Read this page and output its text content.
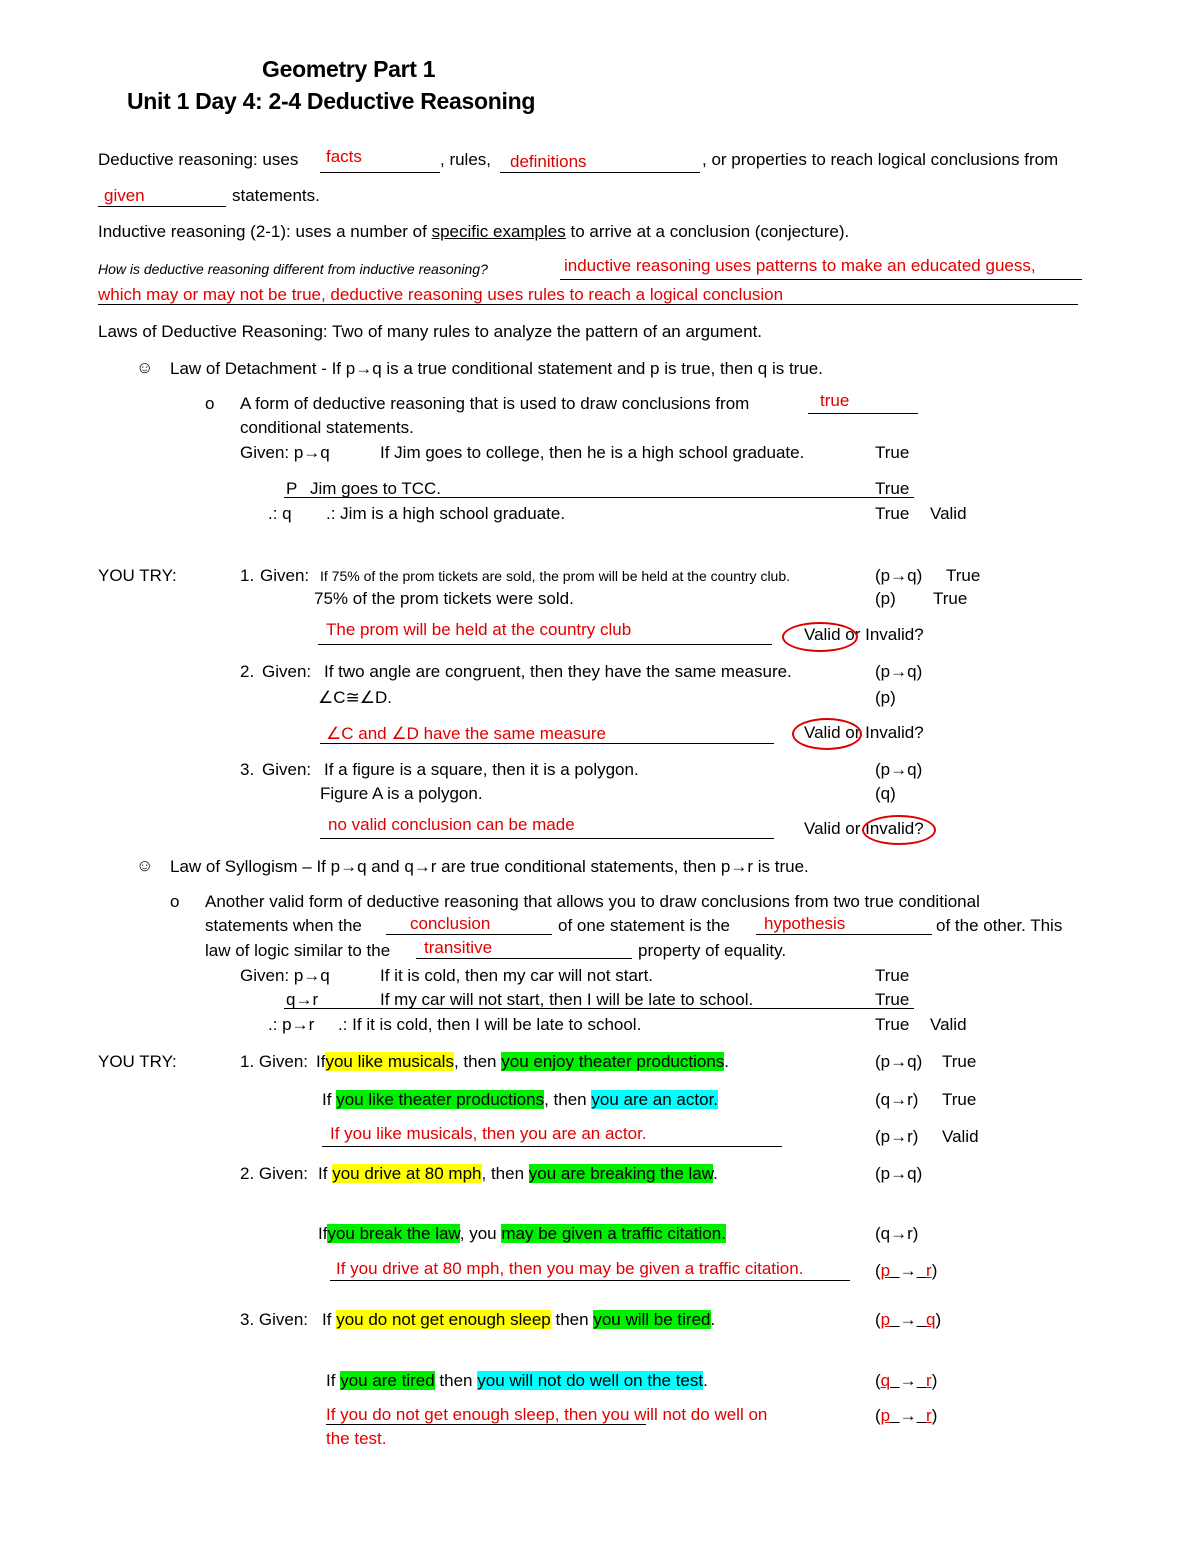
Geometry Part 1
Unit 1 Day 4: 2-4 Deductive Reasoning
Deductive reasoning: uses facts	, rules, definitions	, or properties to reach logical conclusions from
given	statements.
Inductive reasoning (2-1): uses a number of specific examples to arrive at a conclusion (conjecture).
How is deductive reasoning different from inductive reasoning?	inductive reasoning uses patterns to make an educated guess,
which may or may not be true, deductive reasoning uses rules to reach a logical conclusion
Laws of Deductive Reasoning: Two of many rules to analyze the pattern of an argument.
☺ Law of Detachment - If p→q is a true conditional statement and p is true, then q is true.
o A form of deductive reasoning that is used to draw conclusions from	true
conditional statements.
Given: p→q	If Jim goes to college, then he is a high school graduate.	True
P Jim goes to TCC.	True
.: q .: Jim is a high school graduate.	True Valid
YOU TRY:	1. Given: If 75% of the prom tickets are sold, the prom will be held at the country club.	(p→q) True
75% of the prom tickets were sold.	(p) True
The prom will be held at the country club	Valid or Invalid?
2. Given: If two angle are congruent, then they have the same measure.	(p→q)
∠C≅∠D.	(p)
∠C and ∠D have the same measure	Valid or Invalid?
3. Given: If a figure is a square, then it is a polygon.	(p→q)
Figure A is a polygon.	(q)
no valid conclusion can be made	Valid or Invalid?
☺ Law of Syllogism – If p→q and q→r are true conditional statements, then p→r is true.
o Another valid form of deductive reasoning that allows you to draw conclusions from two true conditional
statements when the	conclusion	of one statement is the hypothesis	of the other. This
law of logic similar to the transitive	property of equality.
Given: p→q	If it is cold, then my car will not start.	True
q→r	If my car will not start, then I will be late to school.	True
.: p→r .: If it is cold, then I will be late to school.	True Valid
YOU TRY:	1. Given: Ifyou like musicals, then you enjoy theater productions.	(p→q) True
If you like theater productions, then you are an actor.	(q→r) True
If you like musicals, then you are an actor.	(p→r) Valid
2. Given: If you drive at 80 mph, then you are breaking the law.	(p→q)
Ifyou break the law, you may be given a traffic citation.	(q→r)
If you drive at 80 mph, then you may be given a traffic citation.	(p → r)
3. Given: If you do not get enough sleep then you will be tired.	(p → q)
If you are tired then you will not do well on the test.	(q → r)
If you do not get enough sleep, then you will not do well on
the test.
(p → r)
